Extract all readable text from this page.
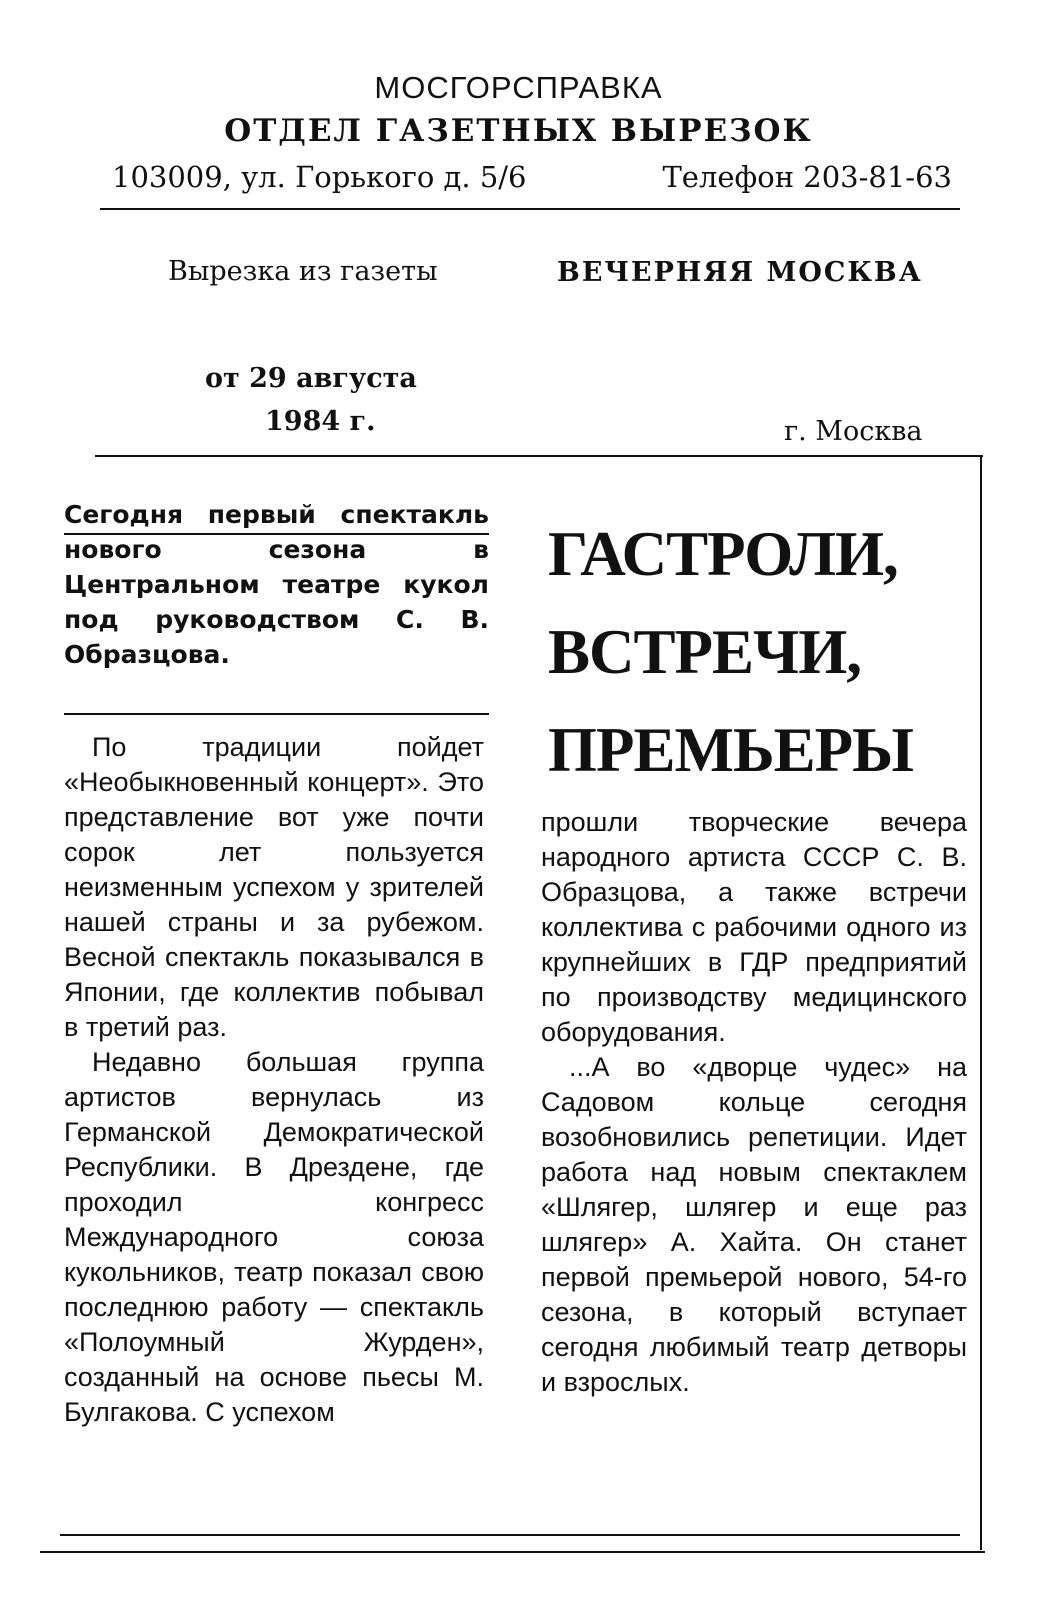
МОСГОРСПРАВКА
ОТДЕЛ ГАЗЕТНЫХ ВЫРЕЗОК
103009, ул. Горького д. 5/6	Телефон 203-81-63
Вырезка из газеты	ВЕЧЕРНЯЯ МОСКВА
от 29 августа
1984 г.	г. Москва
Сегодня первый спектакль нового сезона в Центральном театре кукол под руководством С. В. Образцова.
ГАСТРОЛИ,
ВСТРЕЧИ,
ПРЕМЬЕРЫ

По традиции пойдет «Необыкновенный концерт». Это представление вот уже почти сорок лет пользуется неизменным успехом у зрителей нашей страны и за рубежом. Весной спектакль показывался в Японии, где коллектив побывал в третий раз.

Недавно большая группа артистов вернулась из Германской Демократической Республики. В Дрездене, где проходил конгресс Международного союза кукольников, театр показал свою последнюю работу — спектакль «Полоумный Журден», созданный на основе пьесы М. Булгакова. С успехом

прошли творческие вечера народного артиста СССР С. В. Образцова, а также встречи коллектива с рабочими одного из крупнейших в ГДР предприятий по производству медицинского оборудования.

...А во «дворце чудес» на Садовом кольце сегодня возобновились репетиции. Идет работа над новым спектаклем «Шлягер, шлягер и еще раз шлягер» А. Хайта. Он станет первой премьерой нового, 54-го сезона, в который вступает сегодня любимый театр детворы и взрослых.
